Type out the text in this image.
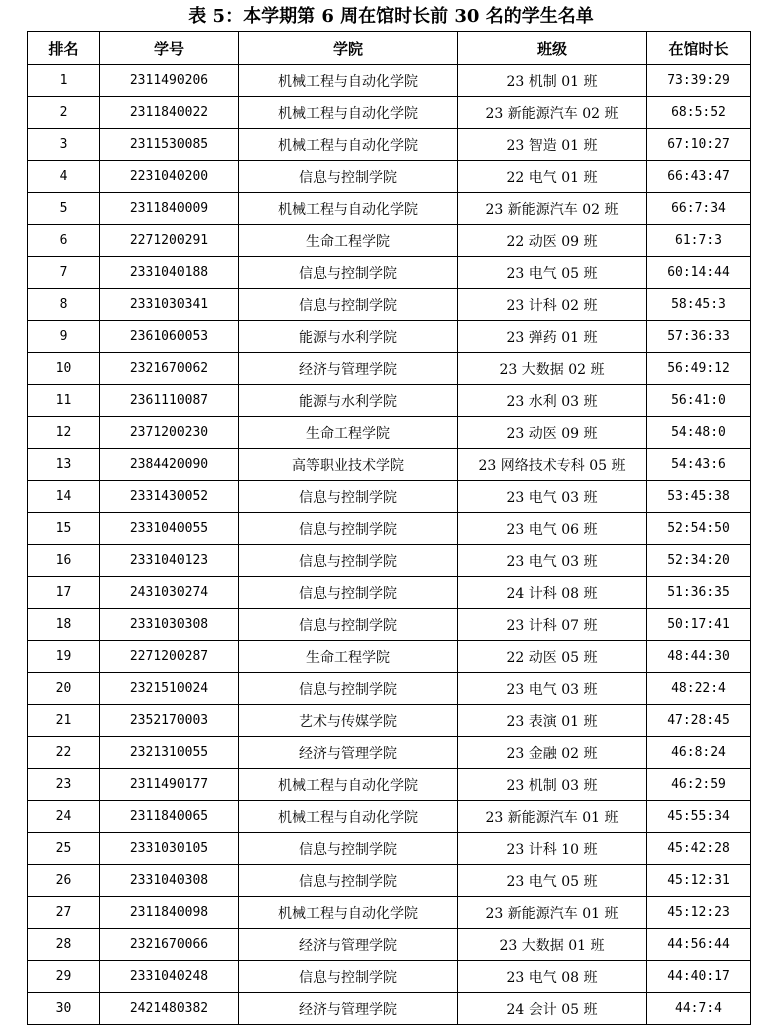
表 5：本学期第 6 周在馆时长前 30 名的学生名单
排名	学号	学院	班级	在馆时长
1	2311490206	机械工程与自动化学院	23 机制 01 班	73:39:29
2	2311840022	机械工程与自动化学院	23 新能源汽车 02 班	68:5:52
3	2311530085	机械工程与自动化学院	23 智造 01 班	67:10:27
4	2231040200	信息与控制学院	22 电气 01 班	66:43:47
5	2311840009	机械工程与自动化学院	23 新能源汽车 02 班	66:7:34
6	2271200291	生命工程学院	22 动医 09 班	61:7:3
7	2331040188	信息与控制学院	23 电气 05 班	60:14:44
8	2331030341	信息与控制学院	23 计科 02 班	58:45:3
9	2361060053	能源与水利学院	23 弹药 01 班	57:36:33
10	2321670062	经济与管理学院	23 大数据 02 班	56:49:12
11	2361110087	能源与水利学院	23 水利 03 班	56:41:0
12	2371200230	生命工程学院	23 动医 09 班	54:48:0
13	2384420090	高等职业技术学院	23 网络技术专科 05 班	54:43:6
14	2331430052	信息与控制学院	23 电气 03 班	53:45:38
15	2331040055	信息与控制学院	23 电气 06 班	52:54:50
16	2331040123	信息与控制学院	23 电气 03 班	52:34:20
17	2431030274	信息与控制学院	24 计科 08 班	51:36:35
18	2331030308	信息与控制学院	23 计科 07 班	50:17:41
19	2271200287	生命工程学院	22 动医 05 班	48:44:30
20	2321510024	信息与控制学院	23 电气 03 班	48:22:4
21	2352170003	艺术与传媒学院	23 表演 01 班	47:28:45
22	2321310055	经济与管理学院	23 金融 02 班	46:8:24
23	2311490177	机械工程与自动化学院	23 机制 03 班	46:2:59
24	2311840065	机械工程与自动化学院	23 新能源汽车 01 班	45:55:34
25	2331030105	信息与控制学院	23 计科 10 班	45:42:28
26	2331040308	信息与控制学院	23 电气 05 班	45:12:31
27	2311840098	机械工程与自动化学院	23 新能源汽车 01 班	45:12:23
28	2321670066	经济与管理学院	23 大数据 01 班	44:56:44
29	2331040248	信息与控制学院	23 电气 08 班	44:40:17
30	2421480382	经济与管理学院	24 会计 05 班	44:7:4
